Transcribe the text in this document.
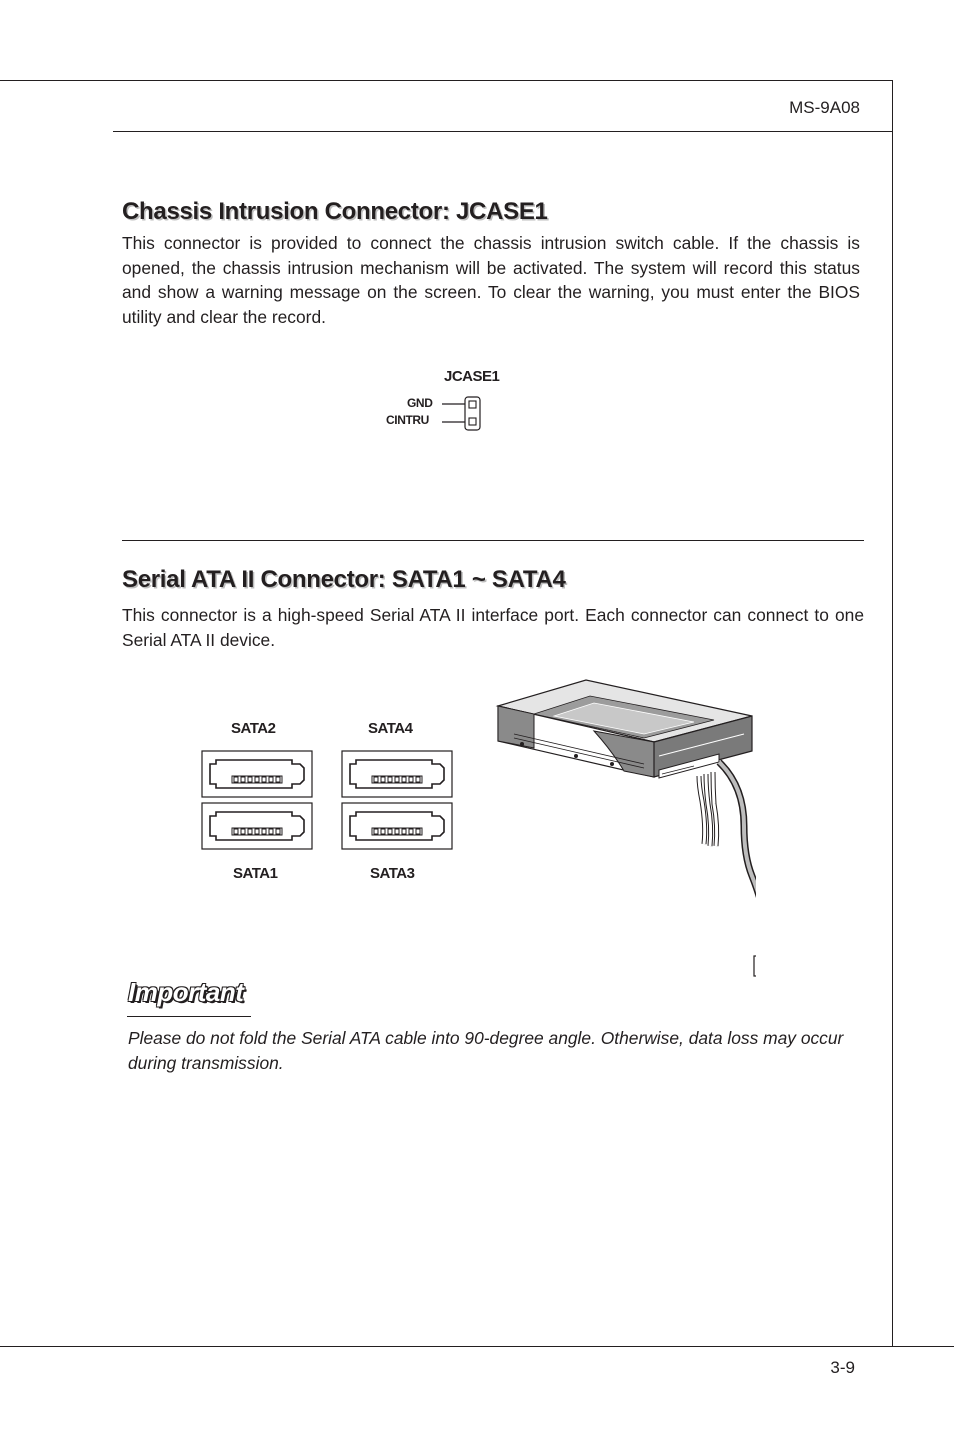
MS-9A08
Chassis Intrusion Connector: JCASE1
This connector is provided to connect the chassis intrusion switch cable. If the chassis is opened, the chassis intrusion mechanism will be activated. The system will record this status and show a warning message on the screen. To clear the warning, you must enter the BIOS utility and clear the record.
JCASE1
GND
CINTRU
Serial ATA II Connector: SATA1 ~ SATA4
This connector is a high-speed Serial ATA II interface port. Each connector can connect to one Serial ATA II device.
SATA2	SATA4
SATA1	SATA3
Important
Please do not fold the Serial ATA cable into 90-degree angle. Otherwise, data loss may occur during transmission.
3-9
